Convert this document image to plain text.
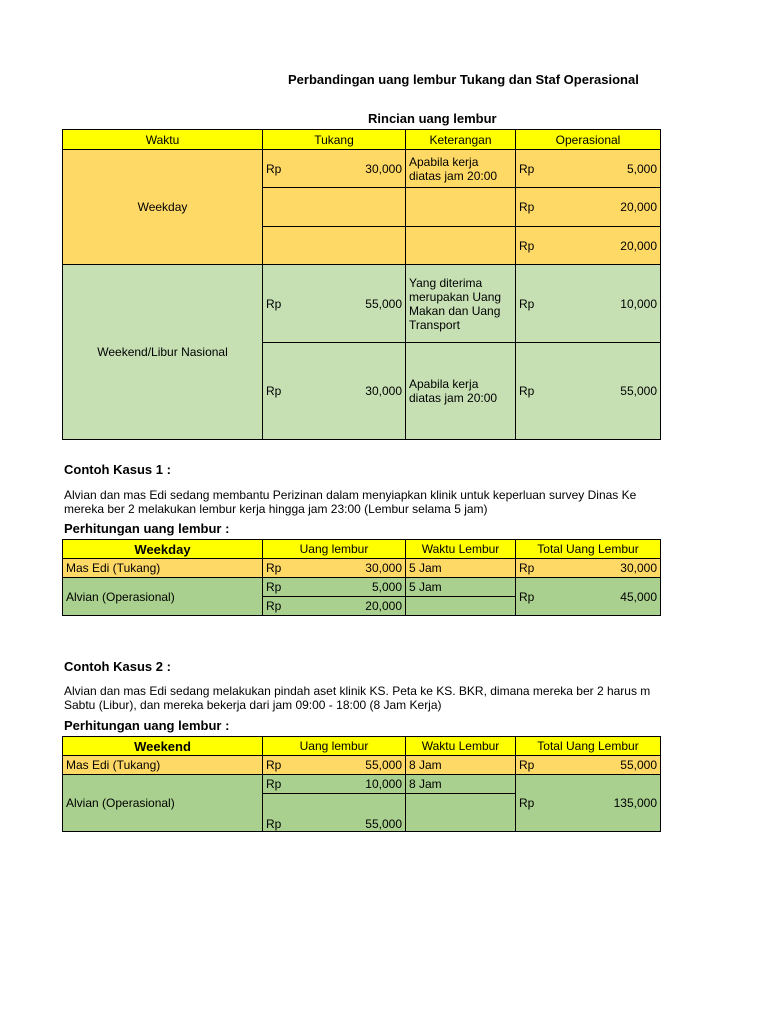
Perbandingan uang lembur Tukang dan Staf Operasional
Rincian uang lembur
Waktu	Tukang	Keterangan	Operasional
Weekday	Rp 30,000	Apabila kerja diatas jam 20:00	Rp 5,000

			Rp 20,000

			Rp 20,000

Weekend/Libur Nasional	Rp 55,000	Yang diterima merupakan Uang Makan dan Uang Transport	Rp 10,000

	Rp 30,000	Apabila kerja diatas jam 20:00	Rp 55,000
Contoh Kasus 1 :
Alvian dan mas Edi sedang membantu Perizinan dalam menyiapkan klinik untuk keperluan survey Dinas Ke
mereka ber 2 melakukan lembur kerja hingga jam 23:00 (Lembur selama 5 jam)
Perhitungan uang lembur :
Weekday	Uang lembur	Waktu Lembur	Total Uang Lembur
Mas Edi (Tukang)	Rp 30,000	5 Jam	Rp 30,000

Alvian (Operasional)	Rp 5,000	5 Jam	Rp 45,000

	Rp 20,000		

Contoh Kasus 2 :
Alvian dan mas Edi sedang melakukan pindah aset klinik KS. Peta ke KS. BKR, dimana mereka ber 2 harus m
Sabtu (Libur), dan mereka bekerja dari jam 09:00 - 18:00 (8 Jam Kerja)
Perhitungan uang lembur :
Weekend	Uang lembur	Waktu Lembur	Total Uang Lembur
Mas Edi (Tukang)	Rp 55,000	8 Jam	Rp 55,000

Alvian (Operasional)	Rp 10,000	8 Jam	Rp 135,000

	Rp 55,000		
